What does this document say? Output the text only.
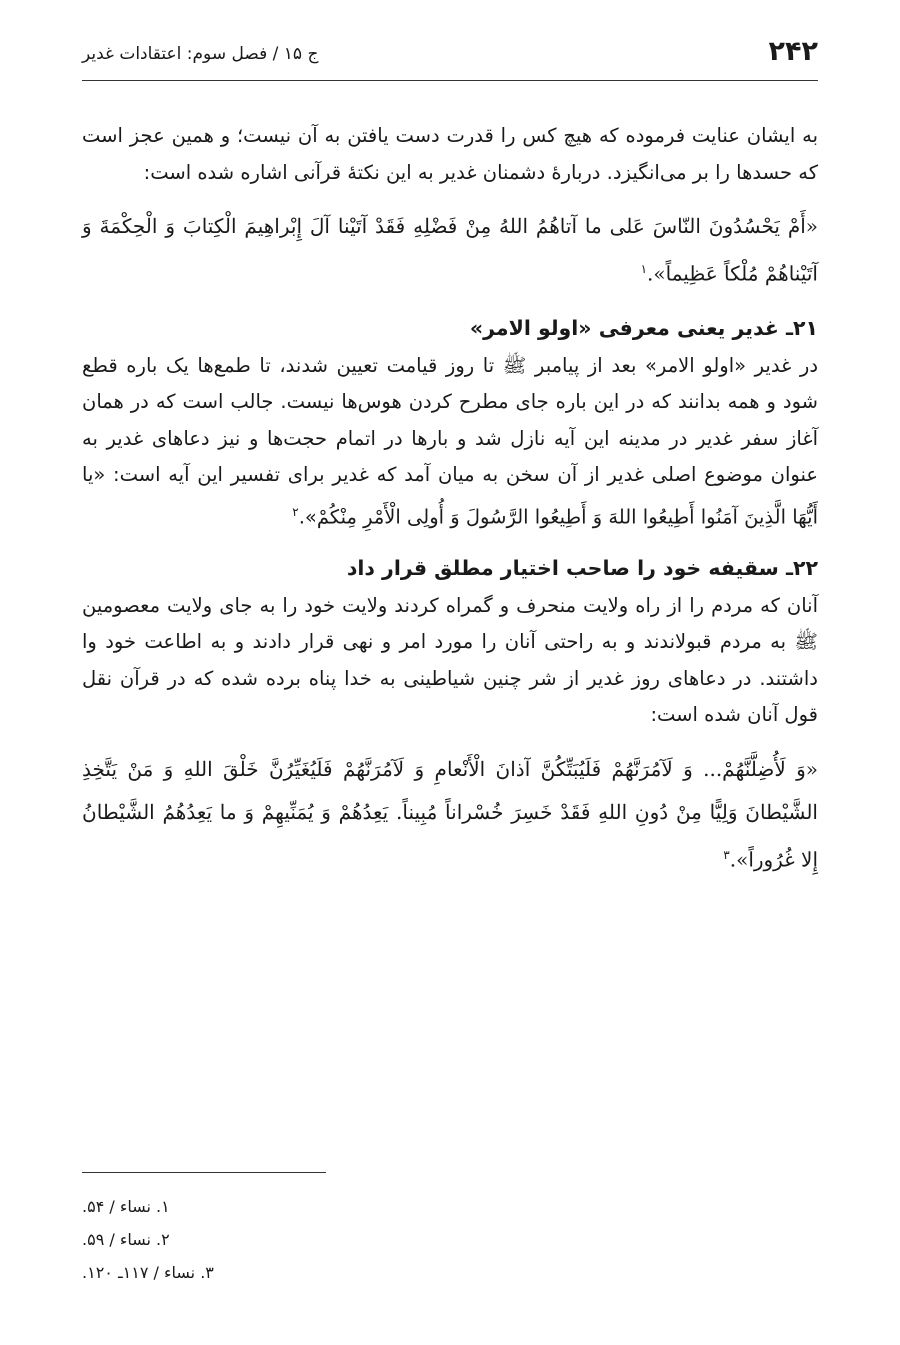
۲۴۲
ج ۱۵ / فصل سوم: اعتقادات غدیر

به ایشان عنایت فرموده که هیچ کس را قدرت دست یافتن به آن نیست؛ و همین عجز است که حسدها را بر می‌انگیزد. دربارهٔ دشمنان غدیر به این نکتهٔ قرآنی اشاره شده است:

«أَمْ یَحْسُدُونَ النّاسَ عَلی ما آتاهُمُ اللهُ مِنْ فَضْلِهِ فَقَدْ آتَیْنا آلَ إِبْراهِیمَ الْکِتابَ وَ الْحِکْمَةَ وَ آتَیْناهُمْ مُلْکاً عَظِیماً».$^۱$

۲۱ـ غدیر یعنی معرفی «اولو الامر»

در غدیر «اولو الامر» بعد از پیامبر ﷺ تا روز قیامت تعیین شدند، تا طمع‌ها یک باره قطع شود و همه بدانند که در این باره جای مطرح کردن هوس‌ها نیست. جالب است که در همان آغاز سفر غدیر در مدینه این آیه نازل شد و بارها در اتمام حجت‌ها و نیز دعاهای غدیر به عنوان موضوع اصلی غدیر از آن سخن به میان آمد که غدیر برای تفسیر این آیه است: «یا أَیُّهَا الَّذِینَ آمَنُوا أَطِیعُوا اللهَ وَ أَطِیعُوا الرَّسُولَ وَ أُولِی الْأَمْرِ مِنْکُمْ».$^۲$

۲۲ـ سقیفه خود را صاحب اختیار مطلق قرار داد

آنان که مردم را از راه ولایت منحرف و گمراه کردند ولایت خود را به جای ولایت معصومین ﷺ به مردم قبولاندند و به راحتی آنان را مورد امر و نهی قرار دادند و به اطاعت خود وا داشتند. در دعاهای روز غدیر از شر چنین شیاطینی به خدا پناه برده شده که در قرآن نقل قول آنان شده است:

«وَ لَأُضِلَّنَّهُمْ... وَ لَآمُرَنَّهُمْ فَلَیُبَتِّکُنَّ آذانَ الْأَنْعامِ وَ لَآمُرَنَّهُمْ فَلَیُغَیِّرُنَّ خَلْقَ اللهِ وَ مَنْ یَتَّخِذِ الشَّیْطانَ وَلِیًّا مِنْ دُونِ اللهِ فَقَدْ خَسِرَ خُسْراناً مُبِیناً. یَعِدُهُمْ وَ یُمَنِّیهِمْ وَ ما یَعِدُهُمُ الشَّیْطانُ إِلا غُرُوراً».$^۳$

۱. نساء / ۵۴.
۲. نساء / ۵۹.
۳. نساء / ۱۱۷ـ ۱۲۰.
